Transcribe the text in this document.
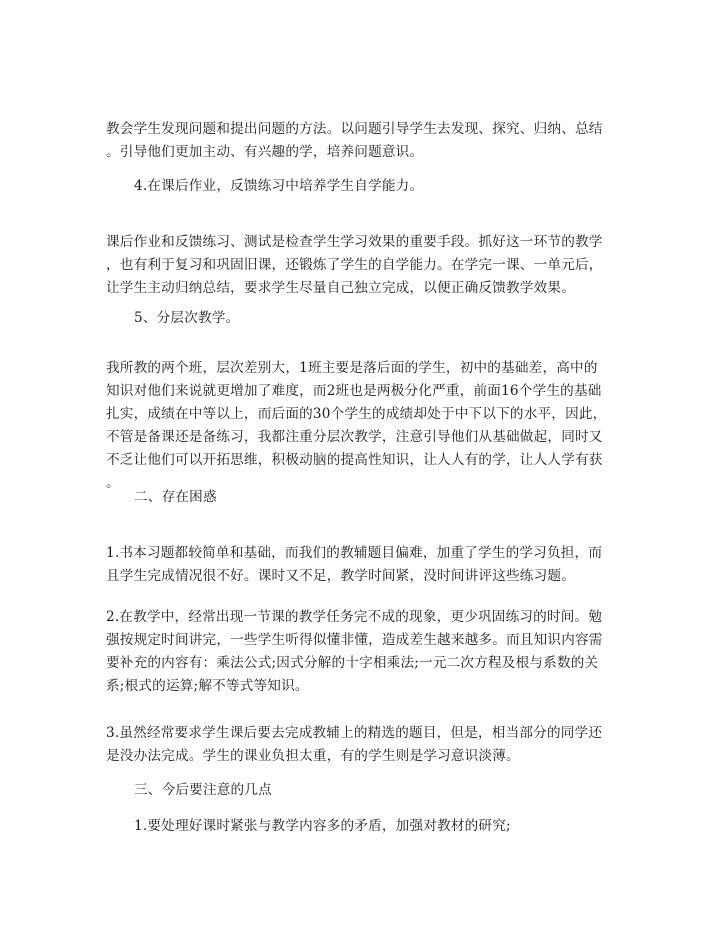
教会学生发现问题和提出问题的方法。以问题引导学生去发现、探究、归纳、总结
。引导他们更加主动、有兴趣的学，培养问题意识。
4.在课后作业，反馈练习中培养学生自学能力。
课后作业和反馈练习、测试是检查学生学习效果的重要手段。抓好这一环节的教学
，也有利于复习和巩固旧课，还锻炼了学生的自学能力。在学完一课、一单元后，
让学生主动归纳总结，要求学生尽量自己独立完成，以便正确反馈教学效果。
5、分层次教学。
我所教的两个班，层次差别大，1班主要是落后面的学生，初中的基础差，高中的
知识对他们来说就更增加了难度，而2班也是两极分化严重，前面16个学生的基础
扎实，成绩在中等以上，而后面的30个学生的成绩却处于中下以下的水平，因此，
不管是备课还是备练习，我都注重分层次教学，注意引导他们从基础做起，同时又
不乏让他们可以开拓思维，积极动脑的提高性知识，让人人有的学，让人人学有获
。
二、存在困惑
1.书本习题都较简单和基础，而我们的教辅题目偏难，加重了学生的学习负担，而
且学生完成情况很不好。课时又不足，教学时间紧，没时间讲评这些练习题。
2.在教学中，经常出现一节课的教学任务完不成的现象，更少巩固练习的时间。勉
强按规定时间讲完，一些学生听得似懂非懂，造成差生越来越多。而且知识内容需
要补充的内容有：乘法公式;因式分解的十字相乘法;一元二次方程及根与系数的关
系;根式的运算;解不等式等知识。
3.虽然经常要求学生课后要去完成教辅上的精选的题目，但是，相当部分的同学还
是没办法完成。学生的课业负担太重，有的学生则是学习意识淡薄。
三、今后要注意的几点
1.要处理好课时紧张与教学内容多的矛盾，加强对教材的研究;
